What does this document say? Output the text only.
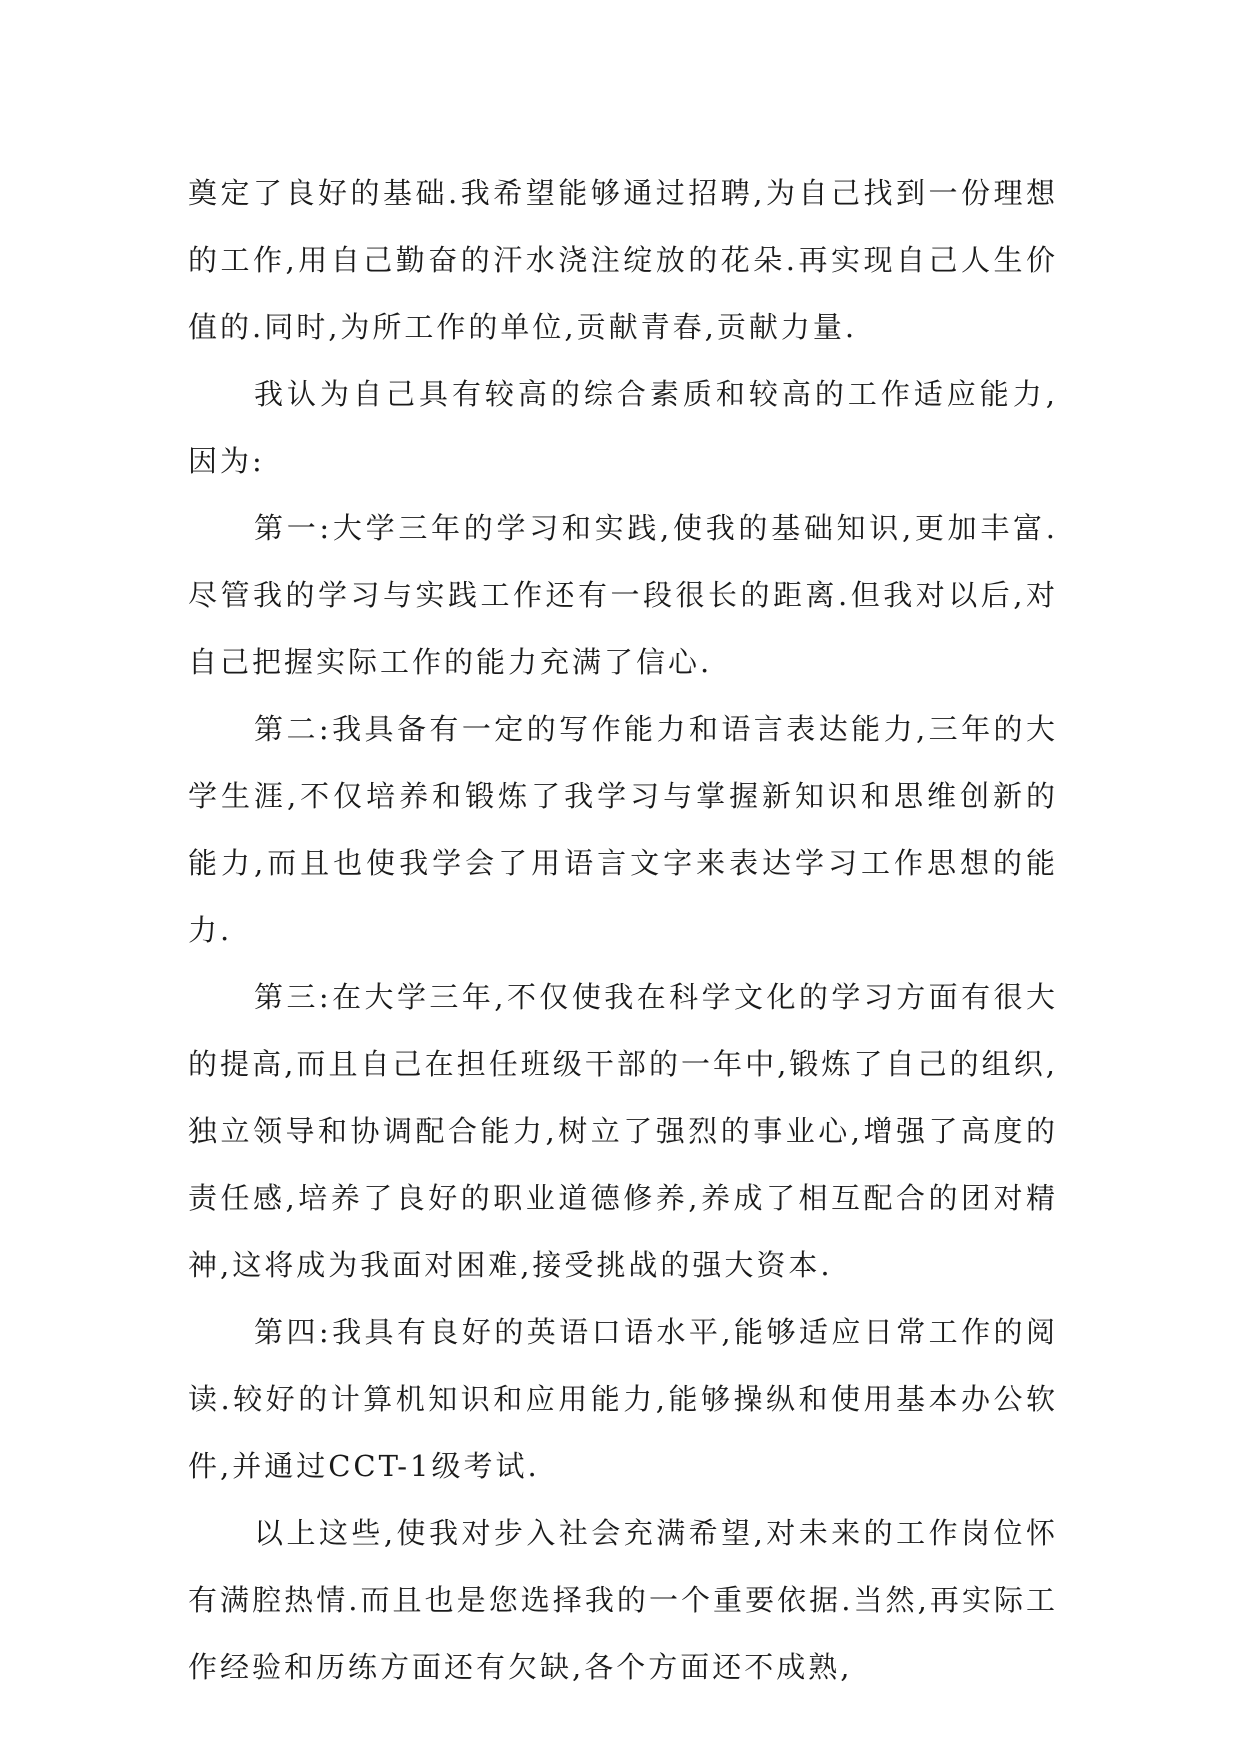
奠定了良好的基础.我希望能够通过招聘,为自己找到一份理想的工作,用自己勤奋的汗水浇注绽放的花朵.再实现自己人生价值的.同时,为所工作的单位,贡献青春,贡献力量.

我认为自己具有较高的综合素质和较高的工作适应能力,因为:

第一:大学三年的学习和实践,使我的基础知识,更加丰富.尽管我的学习与实践工作还有一段很长的距离.但我对以后,对自己把握实际工作的能力充满了信心.

第二:我具备有一定的写作能力和语言表达能力,三年的大学生涯,不仅培养和锻炼了我学习与掌握新知识和思维创新的能力,而且也使我学会了用语言文字来表达学习工作思想的能力.

第三:在大学三年,不仅使我在科学文化的学习方面有很大的提高,而且自己在担任班级干部的一年中,锻炼了自己的组织,独立领导和协调配合能力,树立了强烈的事业心,增强了高度的责任感,培养了良好的职业道德修养,养成了相互配合的团对精神,这将成为我面对困难,接受挑战的强大资本.

第四:我具有良好的英语口语水平,能够适应日常工作的阅读.较好的计算机知识和应用能力,能够操纵和使用基本办公软件,并通过CCT-1级考试.

以上这些,使我对步入社会充满希望,对未来的工作岗位怀有满腔热情.而且也是您选择我的一个重要依据.当然,再实际工作经验和历练方面还有欠缺,各个方面还不成熟,
